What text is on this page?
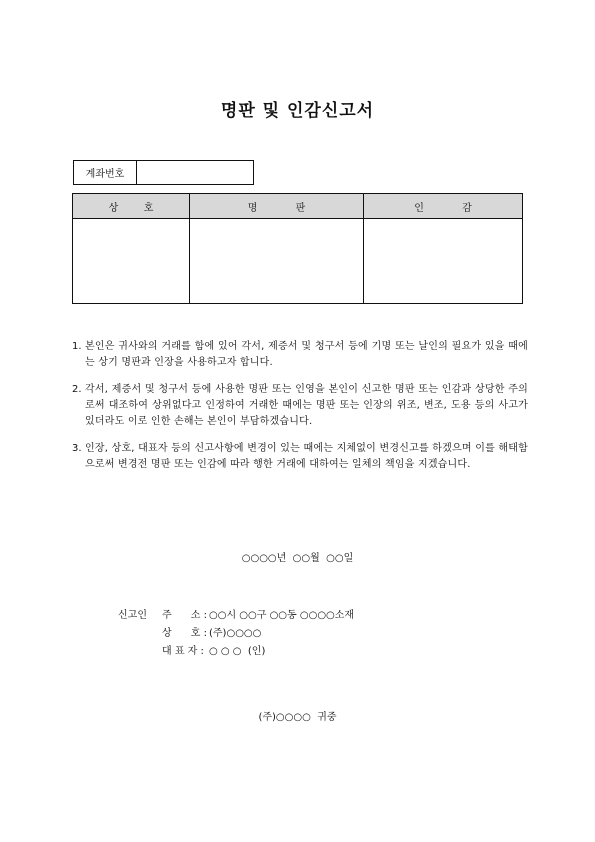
명판 및 인감신고서
계좌번호
상        호	명            판	인            감
1. 본인은 귀사와의 거래를 함에 있어 각서, 제증서 및 청구서 등에 기명 또는 날인의 필요가 있을 때에는 상기 명판과 인장을 사용하고자 합니다.
2. 각서, 제증서 및 청구서 등에 사용한 명판 또는 인영을 본인이 신고한 명판 또는 인감과 상당한 주의로써 대조하여 상위없다고 인정하여 거래한 때에는 명판 또는 인장의 위조, 변조, 도용 등의 사고가 있더라도 이로 인한 손해는 본인이 부담하겠습니다.
3. 인장, 상호, 대표자 등의 신고사항에 변경이 있는 때에는 지체없이 변경신고를 하겠으며 이를 해태함으로써 변경전 명판 또는 인감에 따라 행한 거래에 대하여는 일체의 책임을 지겠습니다.
○○○○년  ○○월  ○○일
신고인	주      소 : ○○시 ○○구 ○○동 ○○○○소재
상      호 : (주)○○○○
대 표 자 : ○ ○ ○  (인)
(주)○○○○  귀중
